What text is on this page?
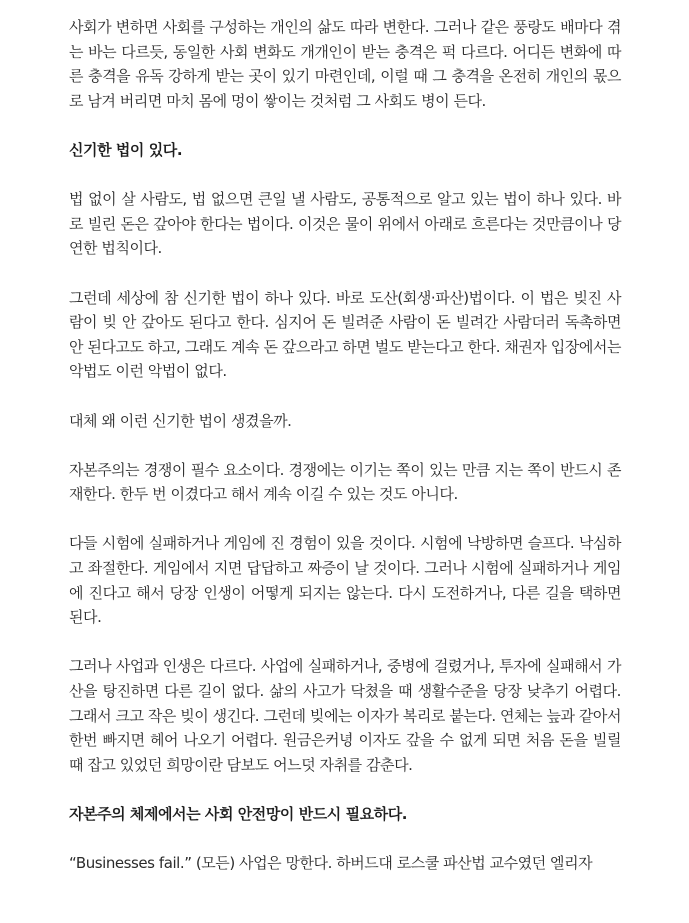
사회가 변하면 사회를 구성하는 개인의 삶도 따라 변한다. 그러나 같은 풍랑도 배마다 겪는 바는 다르듯, 동일한 사회 변화도 개개인이 받는 충격은 퍽 다르다. 어디든 변화에 따른 충격을 유독 강하게 받는 곳이 있기 마련인데, 이럴 때 그 충격을 온전히 개인의 몫으로 남겨 버리면 마치 몸에 멍이 쌓이는 것처럼 그 사회도 병이 든다.

신기한 법이 있다.

법 없이 살 사람도, 법 없으면 큰일 낼 사람도, 공통적으로 알고 있는 법이 하나 있다. 바로 빌린 돈은 갚아야 한다는 법이다. 이것은 물이 위에서 아래로 흐른다는 것만큼이나 당연한 법칙이다.

그런데 세상에 참 신기한 법이 하나 있다. 바로 도산(회생·파산)법이다. 이 법은 빚진 사람이 빚 안 갚아도 된다고 한다. 심지어 돈 빌려준 사람이 돈 빌려간 사람더러 독촉하면 안 된다고도 하고, 그래도 계속 돈 갚으라고 하면 벌도 받는다고 한다. 채권자 입장에서는 악법도 이런 악법이 없다.

대체 왜 이런 신기한 법이 생겼을까.

자본주의는 경쟁이 필수 요소이다. 경쟁에는 이기는 쪽이 있는 만큼 지는 쪽이 반드시 존재한다. 한두 번 이겼다고 해서 계속 이길 수 있는 것도 아니다.

다들 시험에 실패하거나 게임에 진 경험이 있을 것이다. 시험에 낙방하면 슬프다. 낙심하고 좌절한다. 게임에서 지면 답답하고 짜증이 날 것이다. 그러나 시험에 실패하거나 게임에 진다고 해서 당장 인생이 어떻게 되지는 않는다. 다시 도전하거나, 다른 길을 택하면 된다.

그러나 사업과 인생은 다르다. 사업에 실패하거나, 중병에 걸렸거나, 투자에 실패해서 가산을 탕진하면 다른 길이 없다. 삶의 사고가 닥쳤을 때 생활수준을 당장 낮추기 어렵다. 그래서 크고 작은 빚이 생긴다. 그런데 빚에는 이자가 복리로 붙는다. 연체는 늪과 같아서 한번 빠지면 헤어 나오기 어렵다. 원금은커녕 이자도 갚을 수 없게 되면 처음 돈을 빌릴 때 잡고 있었던 희망이란 담보도 어느덧 자취를 감춘다.

자본주의 체제에서는 사회 안전망이 반드시 필요하다.

“Businesses fail.” (모든) 사업은 망한다. 하버드대 로스쿨 파산법 교수였던 엘리자
